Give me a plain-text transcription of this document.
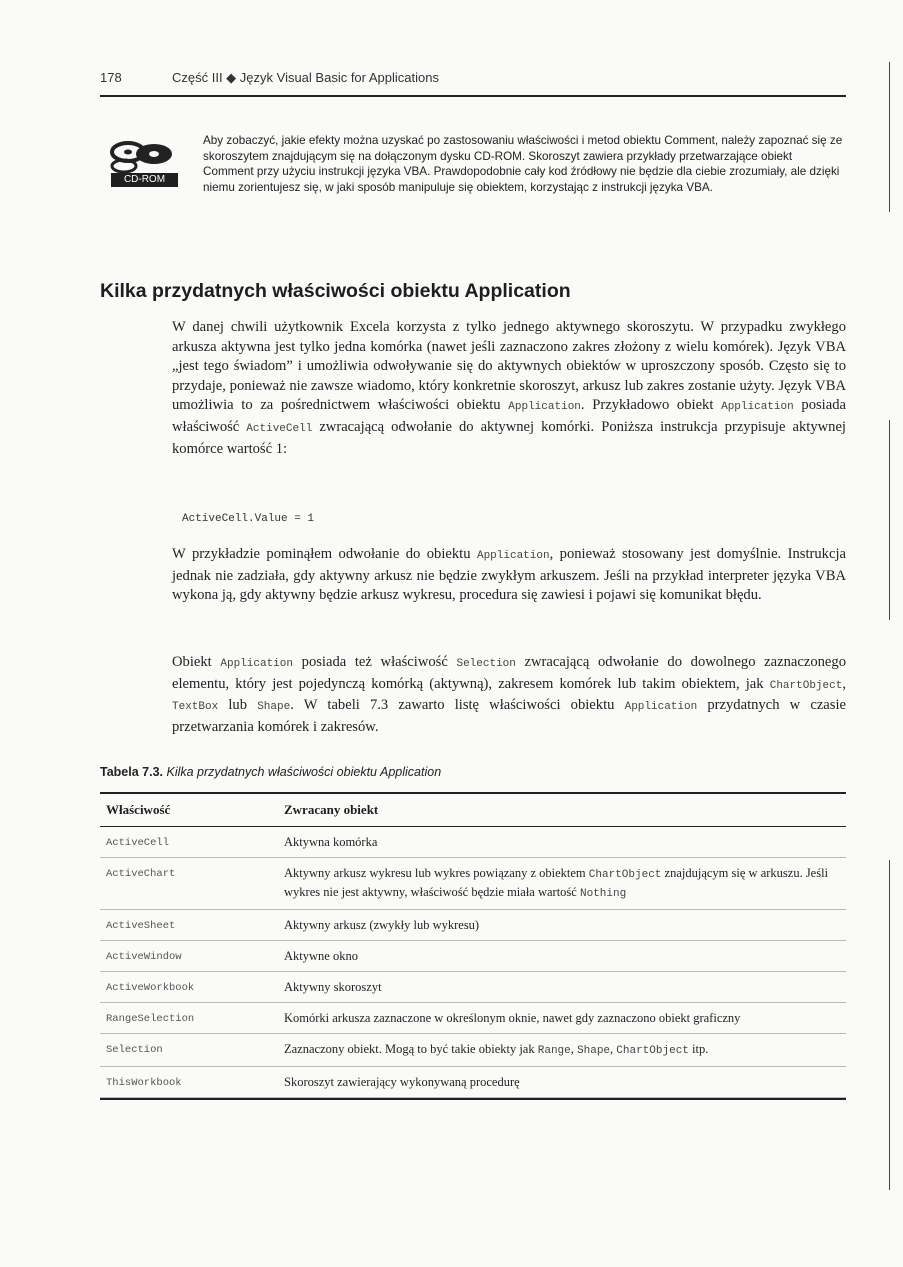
178	Część III ◆ Język Visual Basic for Applications
CD-ROM
Aby zobaczyć, jakie efekty można uzyskać po zastosowaniu właściwości i metod obiektu Comment, należy zapoznać się ze skoroszytem znajdującym się na dołączonym dysku CD-ROM. Skoroszyt zawiera przykłady przetwarzające obiekt Comment przy użyciu instrukcji języka VBA. Prawdopodobnie cały kod źródłowy nie będzie dla ciebie zrozumiały, ale dzięki niemu zorientujesz się, w jaki sposób manipuluje się obiektem, korzystając z instrukcji języka VBA.
Kilka przydatnych właściwości obiektu Application
W danej chwili użytkownik Excela korzysta z tylko jednego aktywnego skoroszytu. W przypadku zwykłego arkusza aktywna jest tylko jedna komórka (nawet jeśli zaznaczono zakres złożony z wielu komórek). Język VBA „jest tego świadom” i umożliwia odwoływanie się do aktywnych obiektów w uproszczony sposób. Często się to przydaje, ponieważ nie zawsze wiadomo, który konkretnie skoroszyt, arkusz lub zakres zostanie użyty. Język VBA umożliwia to za pośrednictwem właściwości obiektu Application. Przykładowo obiekt Application posiada właściwość ActiveCell zwracającą odwołanie do aktywnej komórki. Poniższa instrukcja przypisuje aktywnej komórce wartość 1:
ActiveCell.Value = 1
W przykładzie pominąłem odwołanie do obiektu Application, ponieważ stosowany jest domyślnie. Instrukcja jednak nie zadziała, gdy aktywny arkusz nie będzie zwykłym arkuszem. Jeśli na przykład interpreter języka VBA wykona ją, gdy aktywny będzie arkusz wykresu, procedura się zawiesi i pojawi się komunikat błędu.
Obiekt Application posiada też właściwość Selection zwracającą odwołanie do dowolnego zaznaczonego elementu, który jest pojedynczą komórką (aktywną), zakresem komórek lub takim obiektem, jak ChartObject, TextBox lub Shape. W tabeli 7.3 zawarto listę właściwości obiektu Application przydatnych w czasie przetwarzania komórek i zakresów.
Tabela 7.3. Kilka przydatnych właściwości obiektu Application
Właściwość	Zwracany obiekt
ActiveCell	Aktywna komórka
ActiveChart	Aktywny arkusz wykresu lub wykres powiązany z obiektem ChartObject znajdującym się w arkuszu. Jeśli wykres nie jest aktywny, właściwość będzie miała wartość Nothing
ActiveSheet	Aktywny arkusz (zwykły lub wykresu)
ActiveWindow	Aktywne okno
ActiveWorkbook	Aktywny skoroszyt
RangeSelection	Komórki arkusza zaznaczone w określonym oknie, nawet gdy zaznaczono obiekt graficzny
Selection	Zaznaczony obiekt. Mogą to być takie obiekty jak Range, Shape, ChartObject itp.
ThisWorkbook	Skoroszyt zawierający wykonywaną procedurę
